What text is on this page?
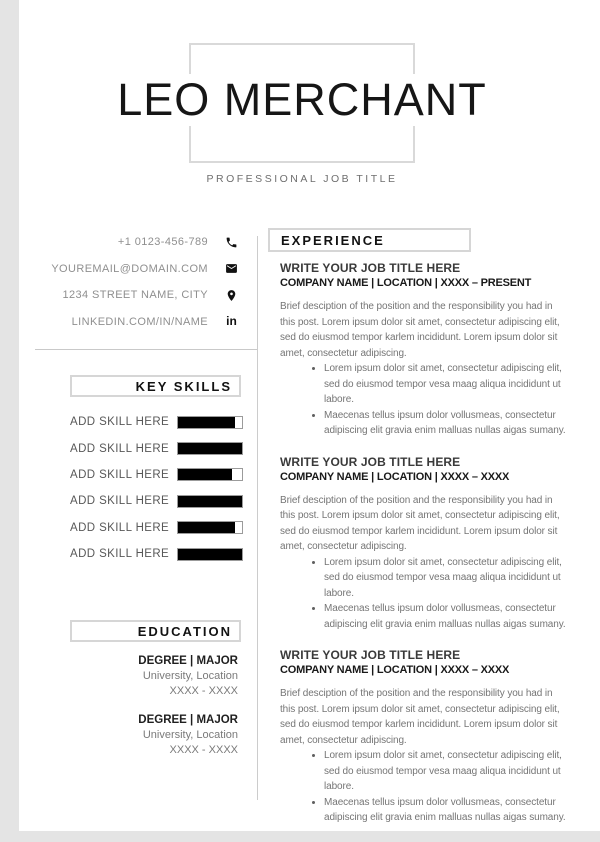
LEO MERCHANT
PROFESSIONAL JOB TITLE
+1 0123-456-789
YOUREMAIL@DOMAIN.COM
1234 STREET NAME, CITY
LINKEDIN.COM/IN/NAME in
KEY SKILLS
ADD SKILL HERE
ADD SKILL HERE
ADD SKILL HERE
ADD SKILL HERE
ADD SKILL HERE
ADD SKILL HERE
EDUCATION
DEGREE | MAJOR
University, Location
XXXX - XXXX
DEGREE | MAJOR
University, Location
XXXX - XXXX
EXPERIENCE
WRITE YOUR JOB TITLE HERE
COMPANY NAME | LOCATION | XXXX – PRESENT
Brief desciption of the position and the responsibility you had in this post. Lorem ipsum dolor sit amet, consectetur adipiscing elit, sed do eiusmod tempor karlem incididunt. Lorem ipsum dolor sit amet, consectetur adipiscing.
• Lorem ipsum dolor sit amet, consectetur adipiscing elit, sed do eiusmod tempor vesa maag aliqua incididunt ut labore.
• Maecenas tellus ipsum dolor vollusmeas, consectetur adipiscing elit gravia enim malluas nullas aigas sumany.
WRITE YOUR JOB TITLE HERE
COMPANY NAME | LOCATION | XXXX – XXXX
Brief desciption of the position and the responsibility you had in this post. Lorem ipsum dolor sit amet, consectetur adipiscing elit, sed do eiusmod tempor karlem incididunt. Lorem ipsum dolor sit amet, consectetur adipiscing.
• Lorem ipsum dolor sit amet, consectetur adipiscing elit, sed do eiusmod tempor vesa maag aliqua incididunt ut labore.
• Maecenas tellus ipsum dolor vollusmeas, consectetur adipiscing elit gravia enim malluas nullas aigas sumany.
WRITE YOUR JOB TITLE HERE
COMPANY NAME | LOCATION | XXXX – XXXX
Brief desciption of the position and the responsibility you had in this post. Lorem ipsum dolor sit amet, consectetur adipiscing elit, sed do eiusmod tempor karlem incididunt. Lorem ipsum dolor sit amet, consectetur adipiscing.
• Lorem ipsum dolor sit amet, consectetur adipiscing elit, sed do eiusmod tempor vesa maag aliqua incididunt ut labore.
• Maecenas tellus ipsum dolor vollusmeas, consectetur adipiscing elit gravia enim malluas nullas aigas sumany.
